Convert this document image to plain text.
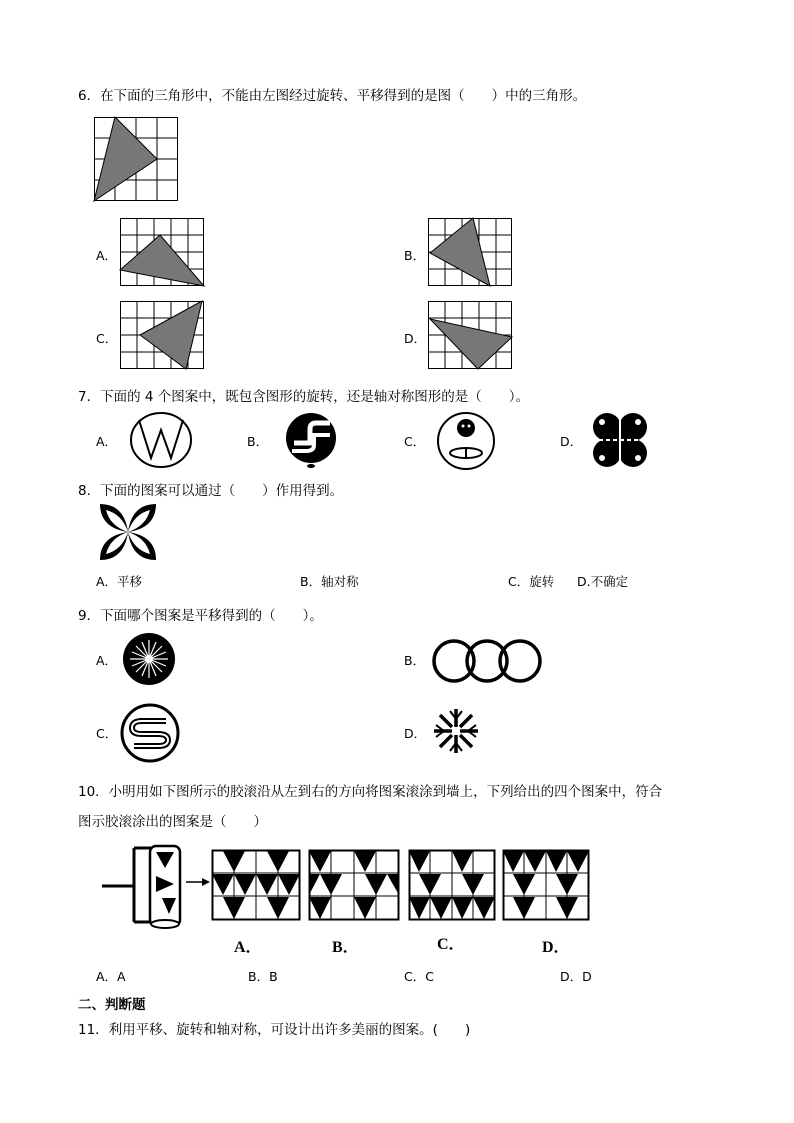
6．在下面的三角形中，不能由左图经过旋转、平移得到的是图（　　）中的三角形。
A．	B．
C．	D．
7．下面的 4 个图案中，既包含图形的旋转，还是轴对称图形的是（　　）。
A．	B．	C．	D．
8．下面的图案可以通过（　　）作用得到。
A．平移	B．轴对称	C．旋转 D.不确定
9．下面哪个图案是平移得到的（　　）。
A．	B．
C．	D．
10．小明用如下图所示的胶滚沿从左到右的方向将图案滚涂到墙上，下列给出的四个图案中，符合
图示胶滚涂出的图案是（　　）
A．	B．	C．	D．
A．A	B．B	C．C	D．D
二、判断题
11．利用平移、旋转和轴对称，可设计出许多美丽的图案。(　　)
